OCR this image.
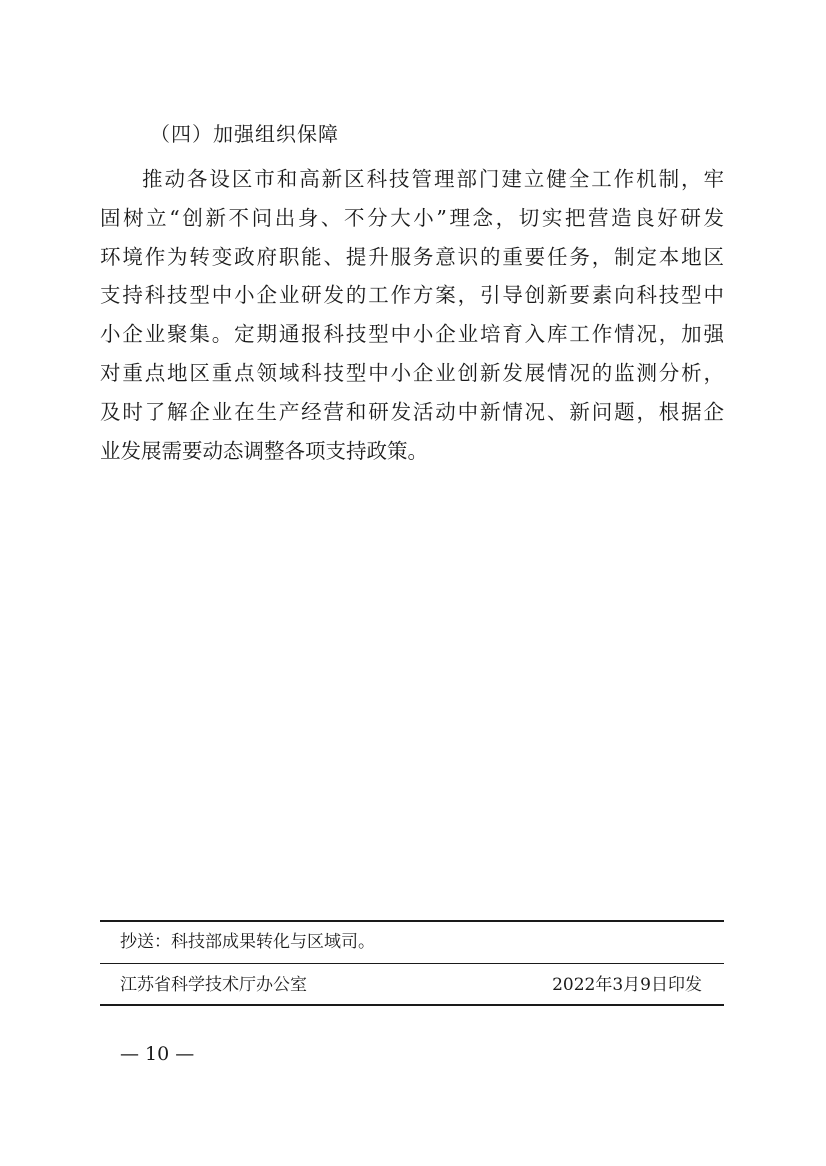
（四）加强组织保障
推动各设区市和高新区科技管理部门建立健全工作机制，牢
固树立“创新不问出身、不分大小”理念，切实把营造良好研发
环境作为转变政府职能、提升服务意识的重要任务，制定本地区
支持科技型中小企业研发的工作方案，引导创新要素向科技型中
小企业聚集。定期通报科技型中小企业培育入库工作情况，加强
对重点地区重点领域科技型中小企业创新发展情况的监测分析，
及时了解企业在生产经营和研发活动中新情况、新问题，根据企
业发展需要动态调整各项支持政策。
抄送：科技部成果转化与区域司。
江苏省科学技术厅办公室	2022年3月9日印发
— 10 —
